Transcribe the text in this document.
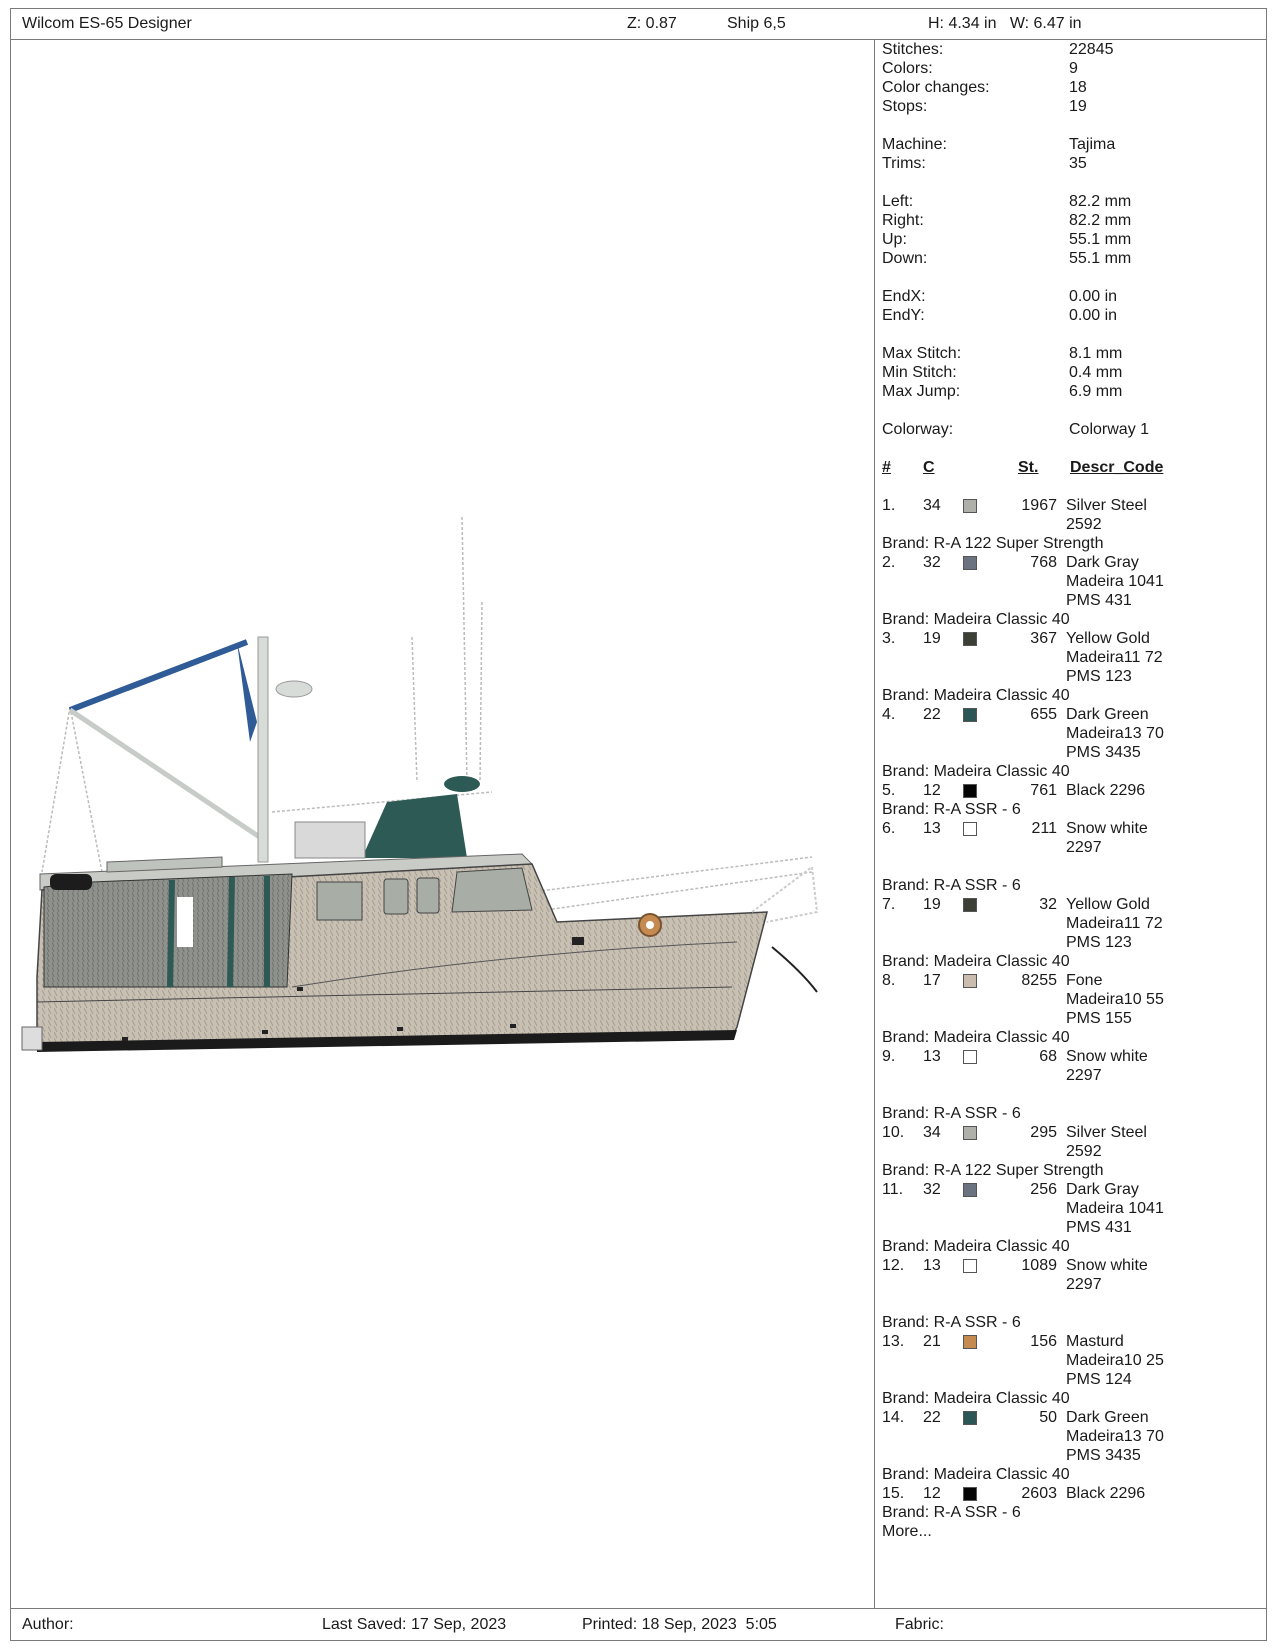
Wilcom ES-65 Designer	Z: 0.87	Ship 6,5	H: 4.34 in   W: 6.47 in
Stitches:	22845
Colors:	9
Color changes:	18
Stops:	19
Machine:	Tajima
Trims:	35
Left:	82.2 mm
Right:	82.2 mm
Up:	55.1 mm
Down:	55.1 mm
EndX:	0.00 in
EndY:	0.00 in
Max Stitch:	8.1 mm
Min Stitch:	0.4 mm
Max Jump:	6.9 mm
Colorway:	Colorway 1
# C	St. Descr_Code
1. 34	1967 Silver Steel
2592
Brand: R-A 122 Super Strength
2. 32	768 Dark Gray
Madeira 1041
PMS 431
Brand: Madeira Classic 40
3. 19	367 Yellow Gold
Madeira11 72
PMS 123
Brand: Madeira Classic 40
4. 22	655 Dark Green
Madeira13 70
PMS 3435
Brand: Madeira Classic 40
5. 12	761 Black 2296
Brand: R-A SSR - 6
6. 13	211 Snow white
2297
Brand: R-A SSR - 6
7. 19	32 Yellow Gold
Madeira11 72
PMS 123
Brand: Madeira Classic 40
8. 17	8255 Fone
Madeira10 55
PMS 155
Brand: Madeira Classic 40
9. 13	68 Snow white
2297
Brand: R-A SSR - 6
10. 34	295 Silver Steel
2592
Brand: R-A 122 Super Strength
11. 32	256 Dark Gray
Madeira 1041
PMS 431
Brand: Madeira Classic 40
12. 13	1089 Snow white
2297
Brand: R-A SSR - 6
13. 21	156 Masturd
Madeira10 25
PMS 124
Brand: Madeira Classic 40
14. 22	50 Dark Green
Madeira13 70
PMS 3435
Brand: Madeira Classic 40
15. 12	2603 Black 2296
Brand: R-A SSR - 6
More...
Author:	Last Saved: 17 Sep, 2023	Printed: 18 Sep, 2023  5:05	Fabric:
